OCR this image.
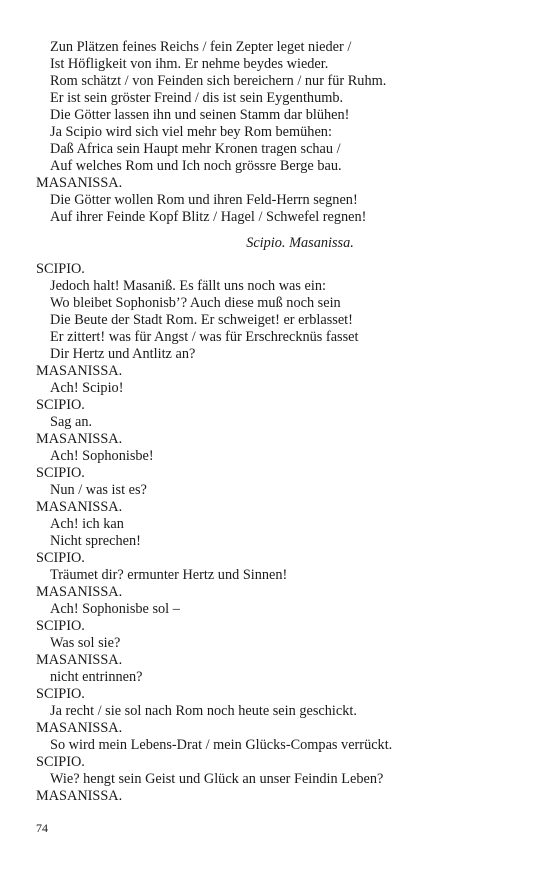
Zun Plätzen feines Reichs / fein Zepter leget nieder /
Ist Höfligkeit von ihm. Er nehme beydes wieder.
Rom schätzt / von Feinden sich bereichern / nur für Ruhm.
Er ist sein gröster Freind / dis ist sein Eygenthumb.
Die Götter lassen ihn und seinen Stamm dar blühen!
Ja Scipio wird sich viel mehr bey Rom bemühen:
Daß Africa sein Haupt mehr Kronen tragen schau /
Auf welches Rom und Ich noch grössre Berge bau.
MASANISSA.
Die Götter wollen Rom und ihren Feld-Herrn segnen!
Auf ihrer Feinde Kopf Blitz / Hagel / Schwefel regnen!
Scipio. Masanissa.
SCIPIO.
Jedoch halt! Masaniß. Es fällt uns noch was ein:
Wo bleibet Sophonisb’? Auch diese muß noch sein
Die Beute der Stadt Rom. Er schweiget! er erblasset!
Er zittert! was für Angst / was für Erschrecknüs fasset
Dir Hertz und Antlitz an?
MASANISSA.
Ach! Scipio!
SCIPIO.
Sag an.
MASANISSA.
Ach! Sophonisbe!
SCIPIO.
Nun / was ist es?
MASANISSA.
Ach! ich kan
Nicht sprechen!
SCIPIO.
Träumet dir? ermunter Hertz und Sinnen!
MASANISSA.
Ach! Sophonisbe sol –
SCIPIO.
Was sol sie?
MASANISSA.
nicht entrinnen?
SCIPIO.
Ja recht / sie sol nach Rom noch heute sein geschickt.
MASANISSA.
So wird mein Lebens-Drat / mein Glücks-Compas verrückt.
SCIPIO.
Wie? hengt sein Geist und Glück an unser Feindin Leben?
MASANISSA.
74
